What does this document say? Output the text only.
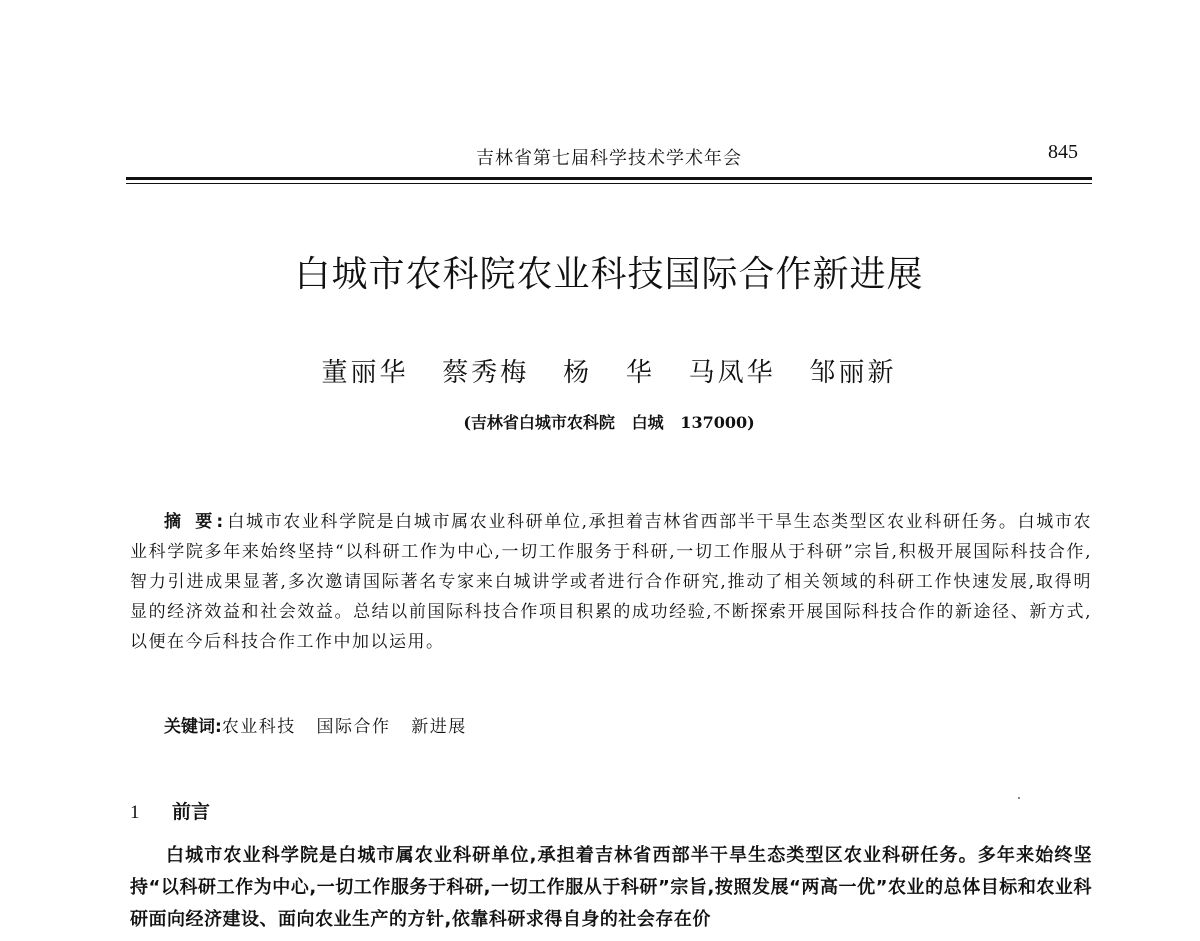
吉林省第七届科学技术学术年会	845
白城市农科院农业科技国际合作新进展
董丽华   蔡秀梅   杨   华   马凤华   邹丽新
(吉林省白城市农科院   白城   137000)
摘 要:白城市农业科学院是白城市属农业科研单位,承担着吉林省西部半干旱生态类型区农业科研任务。白城市农业科学院多年来始终坚持“以科研工作为中心,一切工作服务于科研,一切工作服从于科研”宗旨,积极开展国际科技合作,智力引进成果显著,多次邀请国际著名专家来白城讲学或者进行合作研究,推动了相关领域的科研工作快速发展,取得明显的经济效益和社会效益。总结以前国际科技合作项目积累的成功经验,不断探索开展国际科技合作的新途径、新方式,以便在今后科技合作工作中加以运用。
关键词:农业科技   国际合作   新进展
1 前言
白城市农业科学院是白城市属农业科研单位,承担着吉林省西部半干旱生态类型区农业科研任务。多年来始终坚持“以科研工作为中心,一切工作服务于科研,一切工作服从于科研”宗旨,按照发展“两高一优”农业的总体目标和农业科研面向经济建设、面向农业生产的方针,依靠科研求得自身的社会存在价
